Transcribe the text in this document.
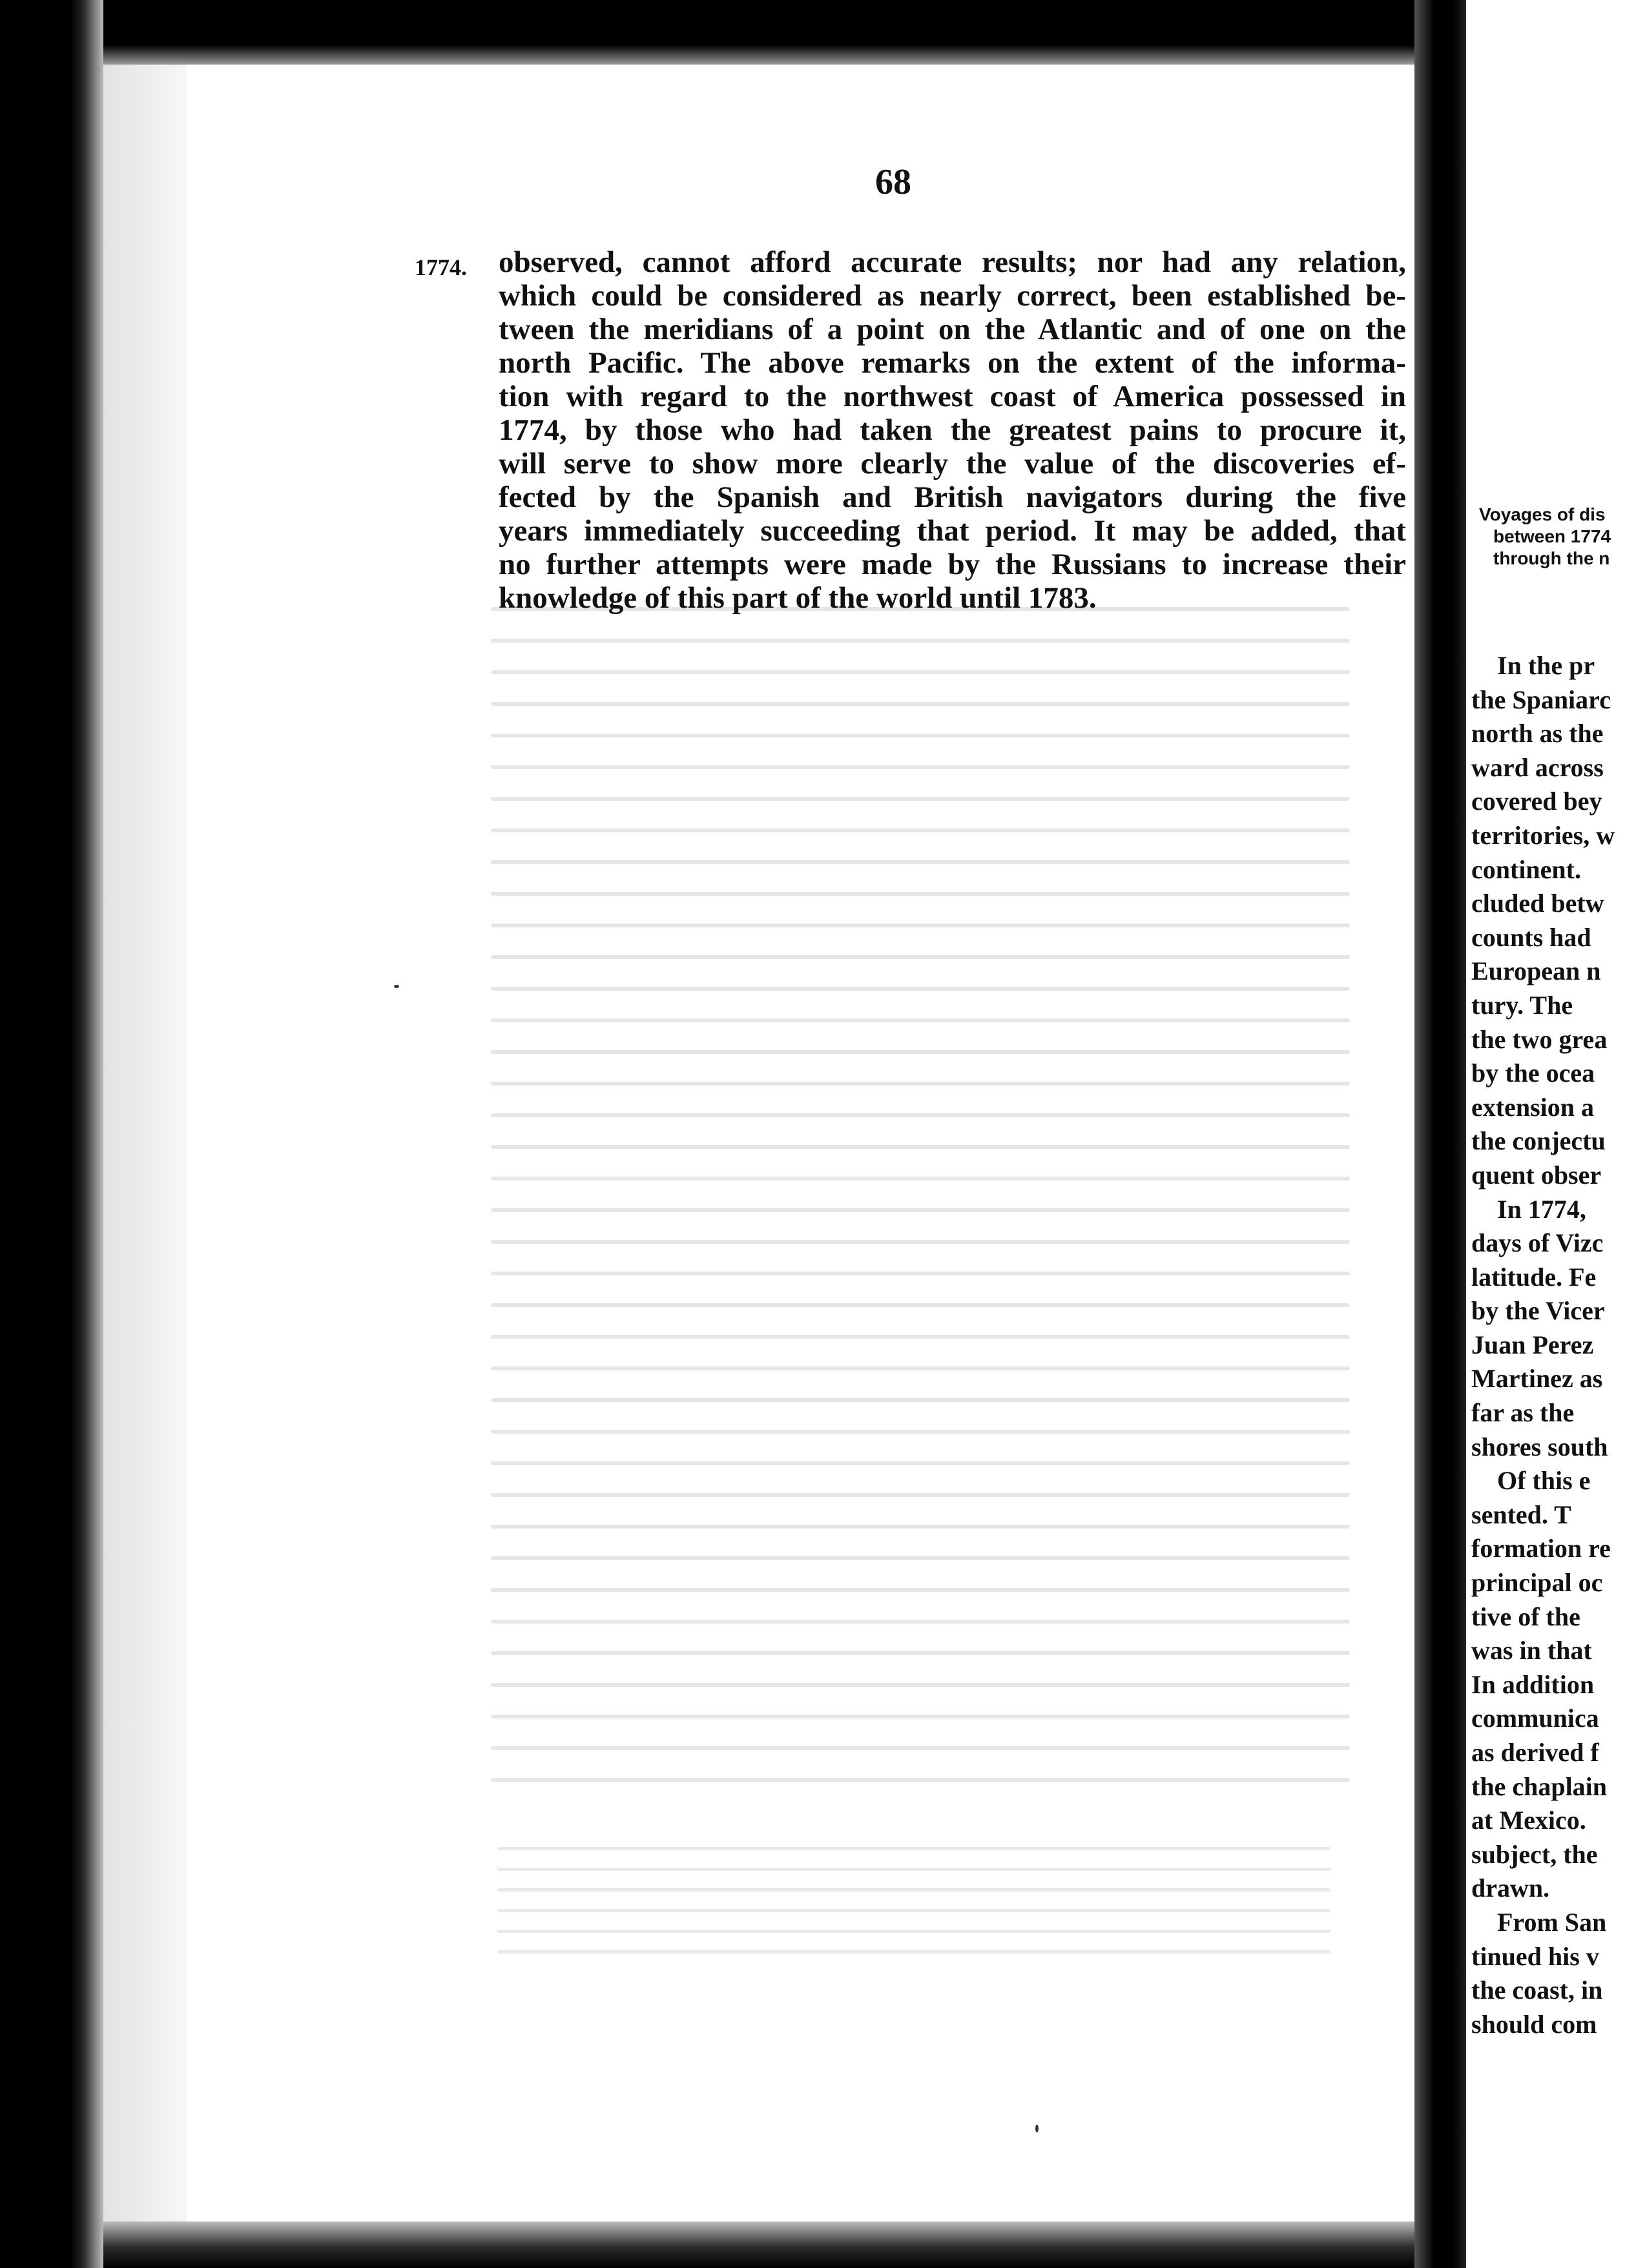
68
1774. observed, cannot afford accurate results; nor had any relation,
which could be considered as nearly correct, been established be-
tween the meridians of a point on the Atlantic and of one on the
north Pacific. The above remarks on the extent of the informa-
tion with regard to the northwest coast of America possessed in
1774, by those who had taken the greatest pains to procure it,
will serve to show more clearly the value of the discoveries ef-
fected by the Spanish and British navigators during the five
years immediately succeeding that period. It may be added, that
no further attempts were made by the Russians to increase their
knowledge of this part of the world until 1783.
Voyages of dis
between 1774
through the n
In the pr
the Spaniarc
north as the
ward across
covered bey
territories, w
continent.
cluded betw
counts had
European n
tury. The
the two grea
by the ocea
extension a
the conjectu
quent obser
In 1774,
days of Vizc
latitude. Fe
by the Vicer
Juan Perez
Martinez as
far as the
shores south
Of this e
sented. T
formation re
principal oc
tive of the
was in that
In addition
communica
as derived f
the chaplain
at Mexico.
subject, the
drawn.
From San
tinued his v
the coast, in
should com
